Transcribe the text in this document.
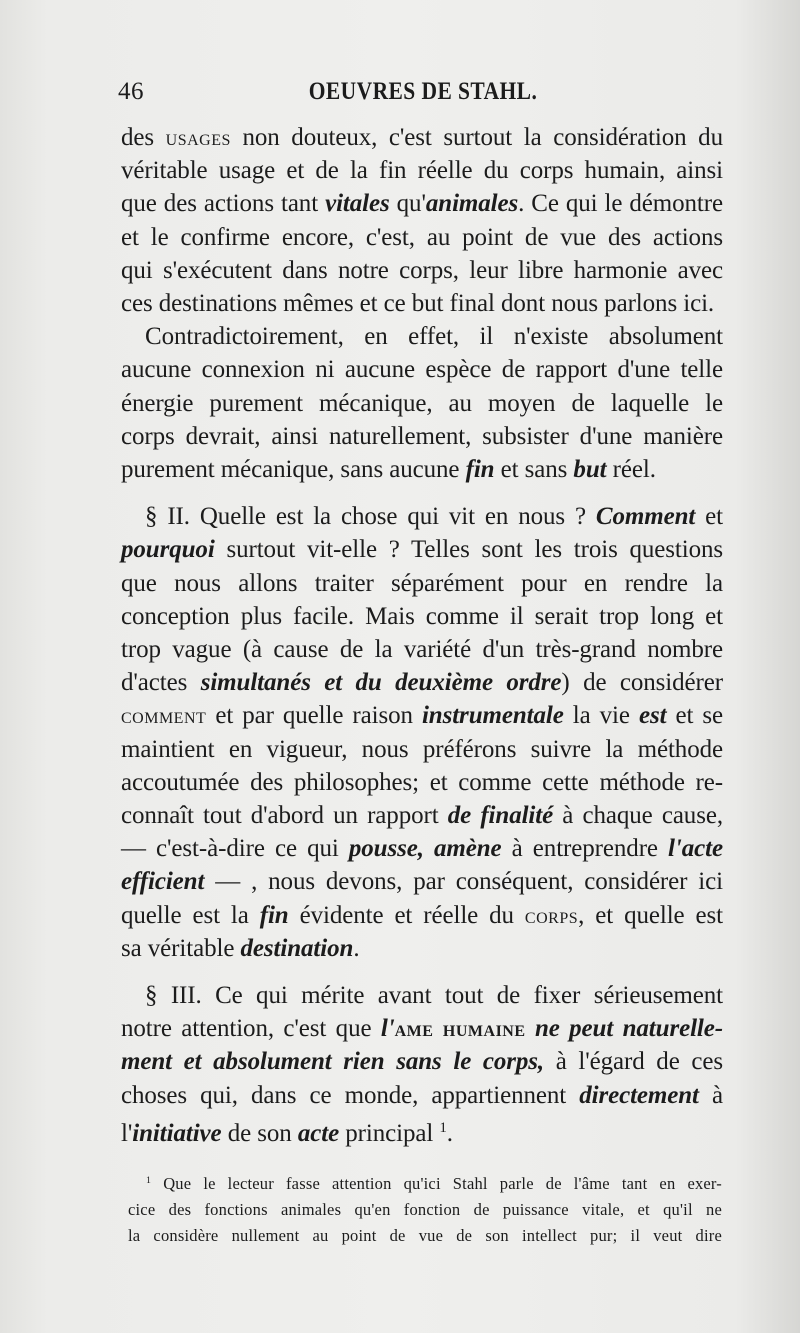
46	OEUVRES DE STAHL.
des usages non douteux, c'est surtout la considération du
véritable usage et de la fin réelle du corps humain, ainsi
que des actions tant vitales qu'animales. Ce qui le démontre
et le confirme encore, c'est, au point de vue des actions
qui s'exécutent dans notre corps, leur libre harmonie avec
ces destinations mêmes et ce but final dont nous parlons ici.
Contradictoirement, en effet, il n'existe absolument
aucune connexion ni aucune espèce de rapport d'une telle
énergie purement mécanique, au moyen de laquelle le
corps devrait, ainsi naturellement, subsister d'une manière
purement mécanique, sans aucune fin et sans but réel.
§ II. Quelle est la chose qui vit en nous ? Comment et
pourquoi surtout vit-elle ? Telles sont les trois questions
que nous allons traiter séparément pour en rendre la
conception plus facile. Mais comme il serait trop long et
trop vague (à cause de la variété d'un très-grand nombre
d'actes simultanés et du deuxième ordre) de considérer
comment et par quelle raison instrumentale la vie est et se
maintient en vigueur, nous préférons suivre la méthode
accoutumée des philosophes; et comme cette méthode re-
connaît tout d'abord un rapport de finalité à chaque cause,
— c'est-à-dire ce qui pousse, amène à entreprendre l'acte
efficient — , nous devons, par conséquent, considérer ici
quelle est la fin évidente et réelle du corps, et quelle est
sa véritable destination.
§ III. Ce qui mérite avant tout de fixer sérieusement
notre attention, c'est que l'ame humaine ne peut naturelle-
ment et absolument rien sans le corps, à l'égard de ces
choses qui, dans ce monde, appartiennent directement à
l'initiative de son acte principal $^1$.
$^1$ Que le lecteur fasse attention qu'ici Stahl parle de l'âme tant en exer-
cice des fonctions animales qu'en fonction de puissance vitale, et qu'il ne
la considère nullement au point de vue de son intellect pur; il veut dire
